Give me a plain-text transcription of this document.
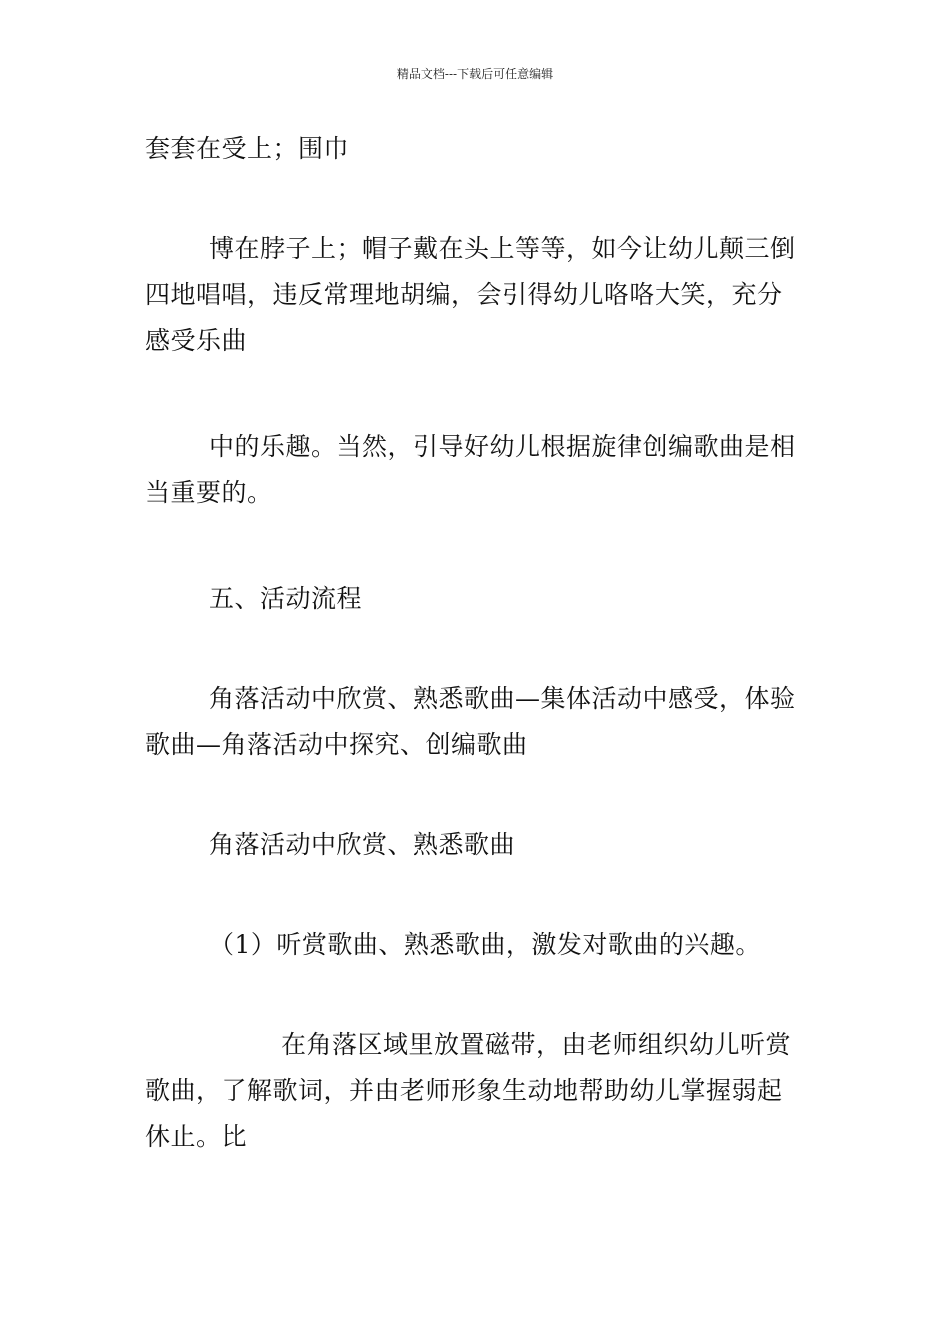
精品文档---下载后可任意编辑

套套在受上；围巾

博在脖子上；帽子戴在头上等等，如今让幼儿颠三倒
四地唱唱，违反常理地胡编，会引得幼儿咯咯大笑，充分
感受乐曲

中的乐趣。当然，引导好幼儿根据旋律创编歌曲是相
当重要的。

五、活动流程

角落活动中欣赏、熟悉歌曲—集体活动中感受，体验
歌曲—角落活动中探究、创编歌曲

角落活动中欣赏、熟悉歌曲

（1）听赏歌曲、熟悉歌曲，激发对歌曲的兴趣。

在角落区域里放置磁带，由老师组织幼儿听赏
歌曲，了解歌词，并由老师形象生动地帮助幼儿掌握弱起
休止。比
